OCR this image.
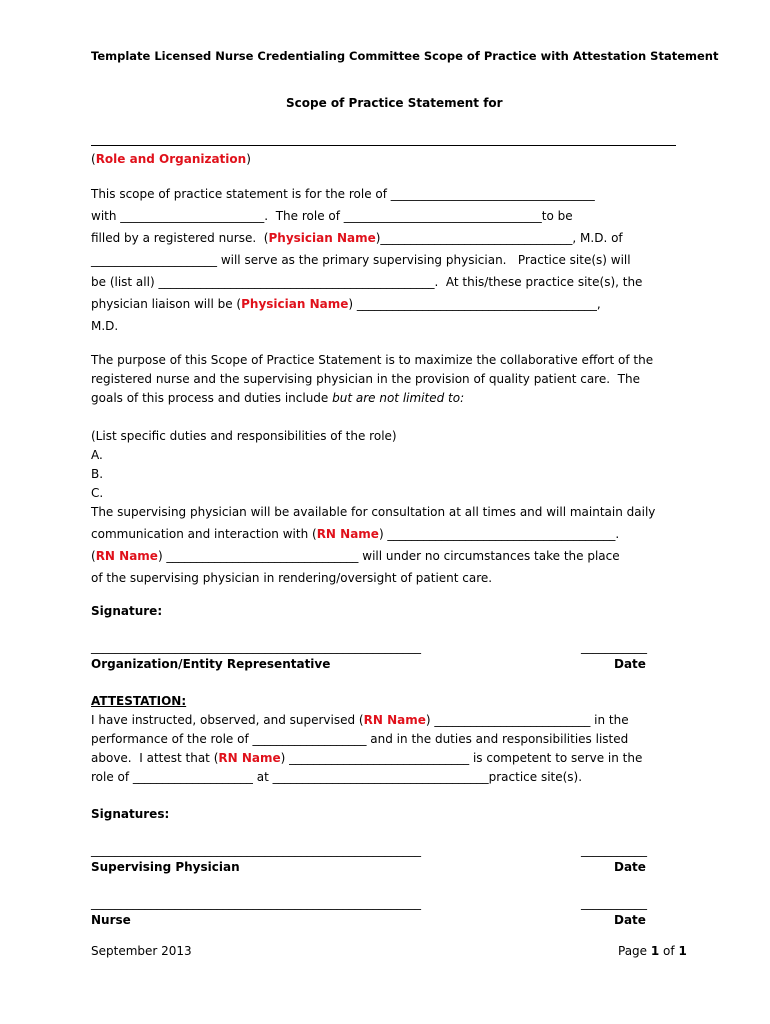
Template Licensed Nurse Credentialing Committee Scope of Practice with Attestation Statement
Scope of Practice Statement for
(Role and Organization)
This scope of practice statement is for the role of __________________________________
with ________________________.  The role of _________________________________to be
filled by a registered nurse.  (Physician Name)________________________________, M.D. of
_____________________ will serve as the primary supervising physician.   Practice site(s) will
be (list all) ______________________________________________.  At this/these practice site(s), the
physician liaison will be (Physician Name) ________________________________________,
M.D.
The purpose of this Scope of Practice Statement is to maximize the collaborative effort of the
registered nurse and the supervising physician in the provision of quality patient care.  The
goals of this process and duties include but are not limited to:
(List specific duties and responsibilities of the role)
A.
B.
C.
The supervising physician will be available for consultation at all times and will maintain daily
communication and interaction with (RN Name) ______________________________________.
(RN Name) ________________________________ will under no circumstances take the place
of the supervising physician in rendering/oversight of patient care.
Signature:
_______________________________________________________	___________
Organization/Entity Representative	Date
ATTESTATION:
I have instructed, observed, and supervised (RN Name) __________________________ in the
performance of the role of ___________________ and in the duties and responsibilities listed
above.  I attest that (RN Name) ______________________________ is competent to serve in the
role of ____________________ at ____________________________________practice site(s).
Signatures:
_______________________________________________________	___________
Supervising Physician	Date
_______________________________________________________	___________
Nurse	Date
September 2013	Page 1 of 1
